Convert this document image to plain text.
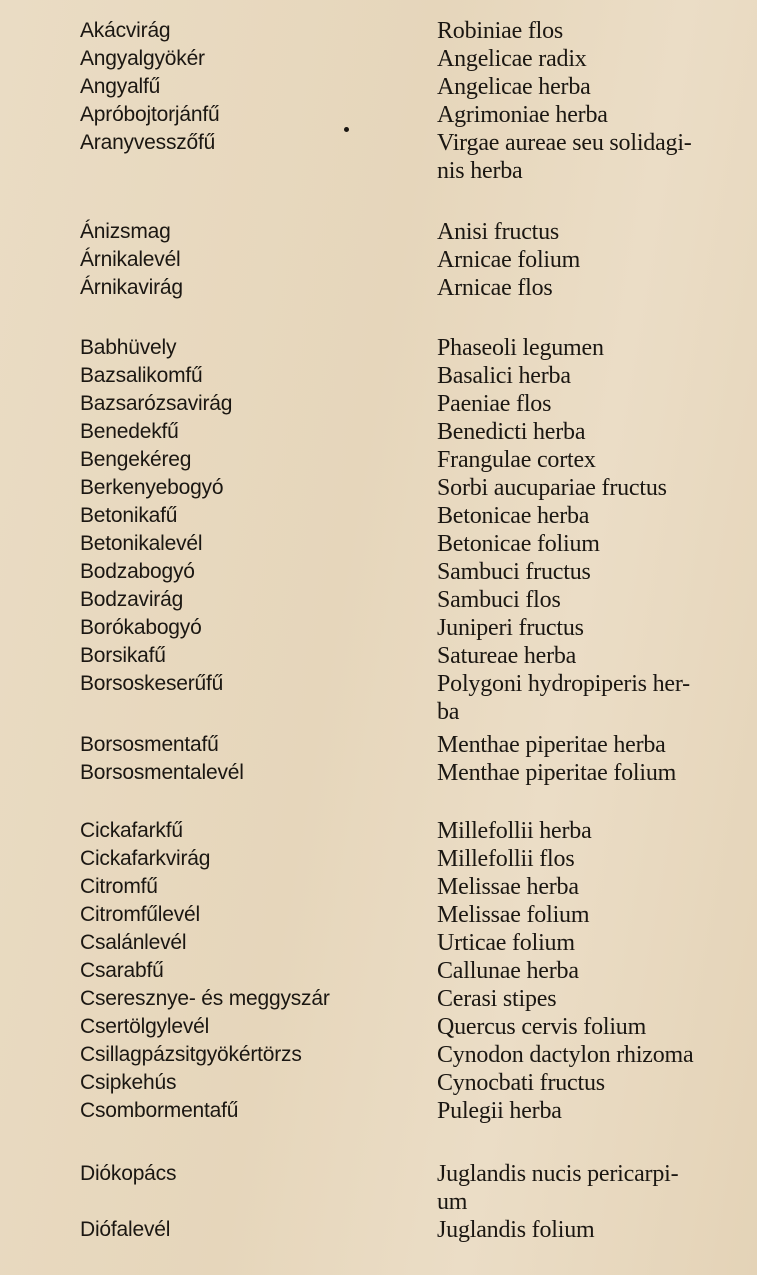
Akácvirág	Robiniae flos
Angyalgyökér	Angelicae radix
Angyalfű	Angelicae herba
Apróbojtorjánfű	Agrimoniae herba
Aranyvesszőfű	Virgae aureae seu solidagi-
nis herba
Ánizsmag	Anisi fructus
Árnikalevél	Arnicae folium
Árnikavirág	Arnicae flos
Babhüvely	Phaseoli legumen
Bazsalikomfű	Basalici herba
Bazsarózsavirág	Paeniae flos
Benedekfű	Benedicti herba
Bengekéreg	Frangulae cortex
Berkenyebogyó	Sorbi aucupariae fructus
Betonikafű	Betonicae herba
Betonikalevél	Betonicae folium
Bodzabogyó	Sambuci fructus
Bodzavirág	Sambuci flos
Borókabogyó	Juniperi fructus
Borsikafű	Satureae herba
Borsoskeserűfű	Polygoni hydropiperis her-
ba
Borsosmentafű	Menthae piperitae herba
Borsosmentalevél	Menthae piperitae folium
Cickafarkfű	Millefollii herba
Cickafarkvirág	Millefollii flos
Citromfű	Melissae herba
Citromfűlevél	Melissae folium
Csalánlevél	Urticae folium
Csarabfű	Callunae herba
Cseresznye- és meggyszár	Cerasi stipes
Csertölgylevél	Quercus cervis folium
Csillagpázsitgyökértörzs	Cynodon dactylon rhizoma
Csipkehús	Cynocbati fructus
Csombormentafű	Pulegii herba
Diókopács	Juglandis nucis pericarpi-
um
Diófalevél	Juglandis folium
